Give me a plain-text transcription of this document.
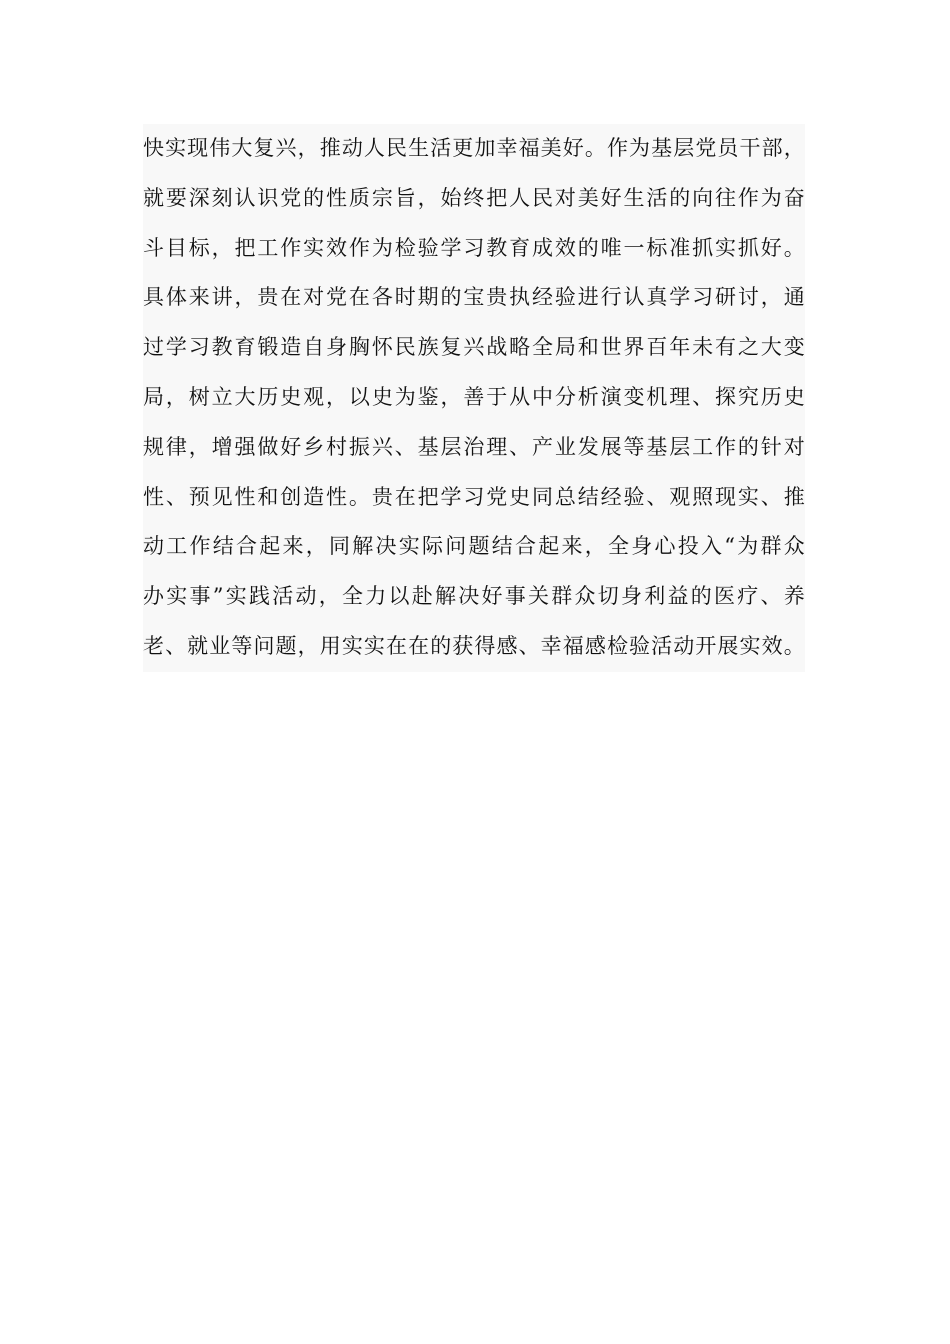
快实现伟大复兴，推动人民生活更加幸福美好。作为基层党员干部，
就要深刻认识党的性质宗旨，始终把人民对美好生活的向往作为奋
斗目标，把工作实效作为检验学习教育成效的唯一标准抓实抓好。
具体来讲，贵在对党在各时期的宝贵执经验进行认真学习研讨，通
过学习教育锻造自身胸怀民族复兴战略全局和世界百年未有之大变
局，树立大历史观，以史为鉴，善于从中分析演变机理、探究历史
规律，增强做好乡村振兴、基层治理、产业发展等基层工作的针对
性、预见性和创造性。贵在把学习党史同总结经验、观照现实、推
动工作结合起来，同解决实际问题结合起来，全身心投入“为群众
办实事”实践活动，全力以赴解决好事关群众切身利益的医疗、养
老、就业等问题，用实实在在的获得感、幸福感检验活动开展实效。
